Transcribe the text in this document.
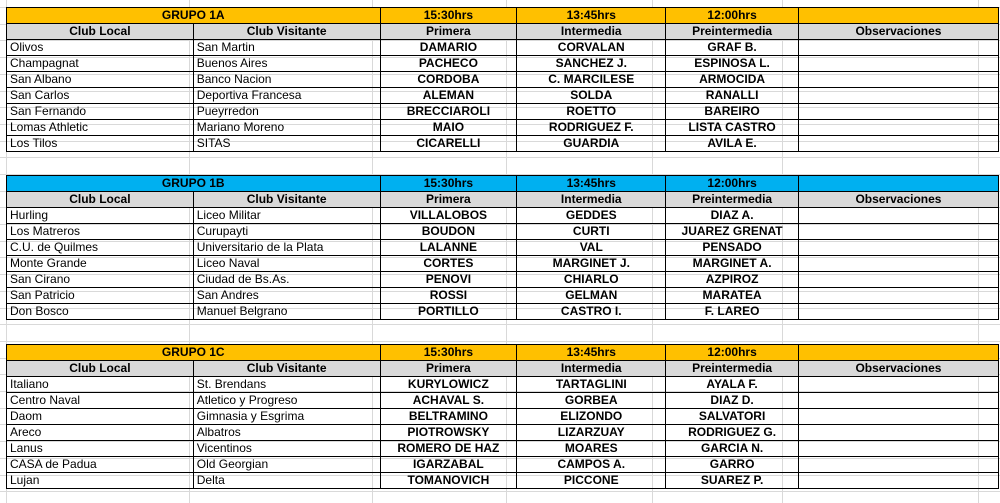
GRUPO 1A		15:30hrs	13:45hrs	12:00hrs	
Club Local	Club Visitante	Primera	Intermedia	Preintermedia	Observaciones
Olivos	San Martin	DAMARIO	CORVALAN	GRAF B.	
Champagnat	Buenos Aires	PACHECO	SANCHEZ J.	ESPINOSA L.	
San Albano	Banco Nacion	CORDOBA	C. MARCILESE	ARMOCIDA	
San Carlos	Deportiva Francesa	ALEMAN	SOLDA	RANALLI	
San Fernando	Pueyrredon	BRECCIAROLI	ROETTO	BAREIRO	
Lomas Athletic	Mariano Moreno	MAIO	RODRIGUEZ F.	LISTA CASTRO	
Los Tilos	SITAS	CICARELLI	GUARDIA	AVILA E.	
GRUPO 1B		15:30hrs	13:45hrs	12:00hrs	
Club Local	Club Visitante	Primera	Intermedia	Preintermedia	Observaciones
Hurling	Liceo Militar	VILLALOBOS	GEDDES	DIAZ A.	
Los Matreros	Curupayti	BOUDON	CURTI	JUAREZ GRENAT	
C.U. de Quilmes	Universitario de la Plata	LALANNE	VAL	PENSADO	
Monte Grande	Liceo Naval	CORTES	MARGINET J.	MARGINET A.	
San Cirano	Ciudad de Bs.As.	PENOVI	CHIARLO	AZPIROZ	
San Patricio	San Andres	ROSSI	GELMAN	MARATEA	
Don Bosco	Manuel Belgrano	PORTILLO	CASTRO I.	F. LAREO	
GRUPO 1C		15:30hrs	13:45hrs	12:00hrs	
Club Local	Club Visitante	Primera	Intermedia	Preintermedia	Observaciones
Italiano	St. Brendans	KURYLOWICZ	TARTAGLINI	AYALA F.	
Centro Naval	Atletico y Progreso	ACHAVAL S.	GORBEA	DIAZ D.	
Daom	Gimnasia y Esgrima	BELTRAMINO	ELIZONDO	SALVATORI	
Areco	Albatros	PIOTROWSKY	LIZARZUAY	RODRIGUEZ G.	
Lanus	Vicentinos	ROMERO DE HAZ	MOARES	GARCIA N.	
CASA de Padua	Old Georgian	IGARZABAL	CAMPOS A.	GARRO	
Lujan	Delta	TOMANOVICH	PICCONE	SUAREZ P.	
